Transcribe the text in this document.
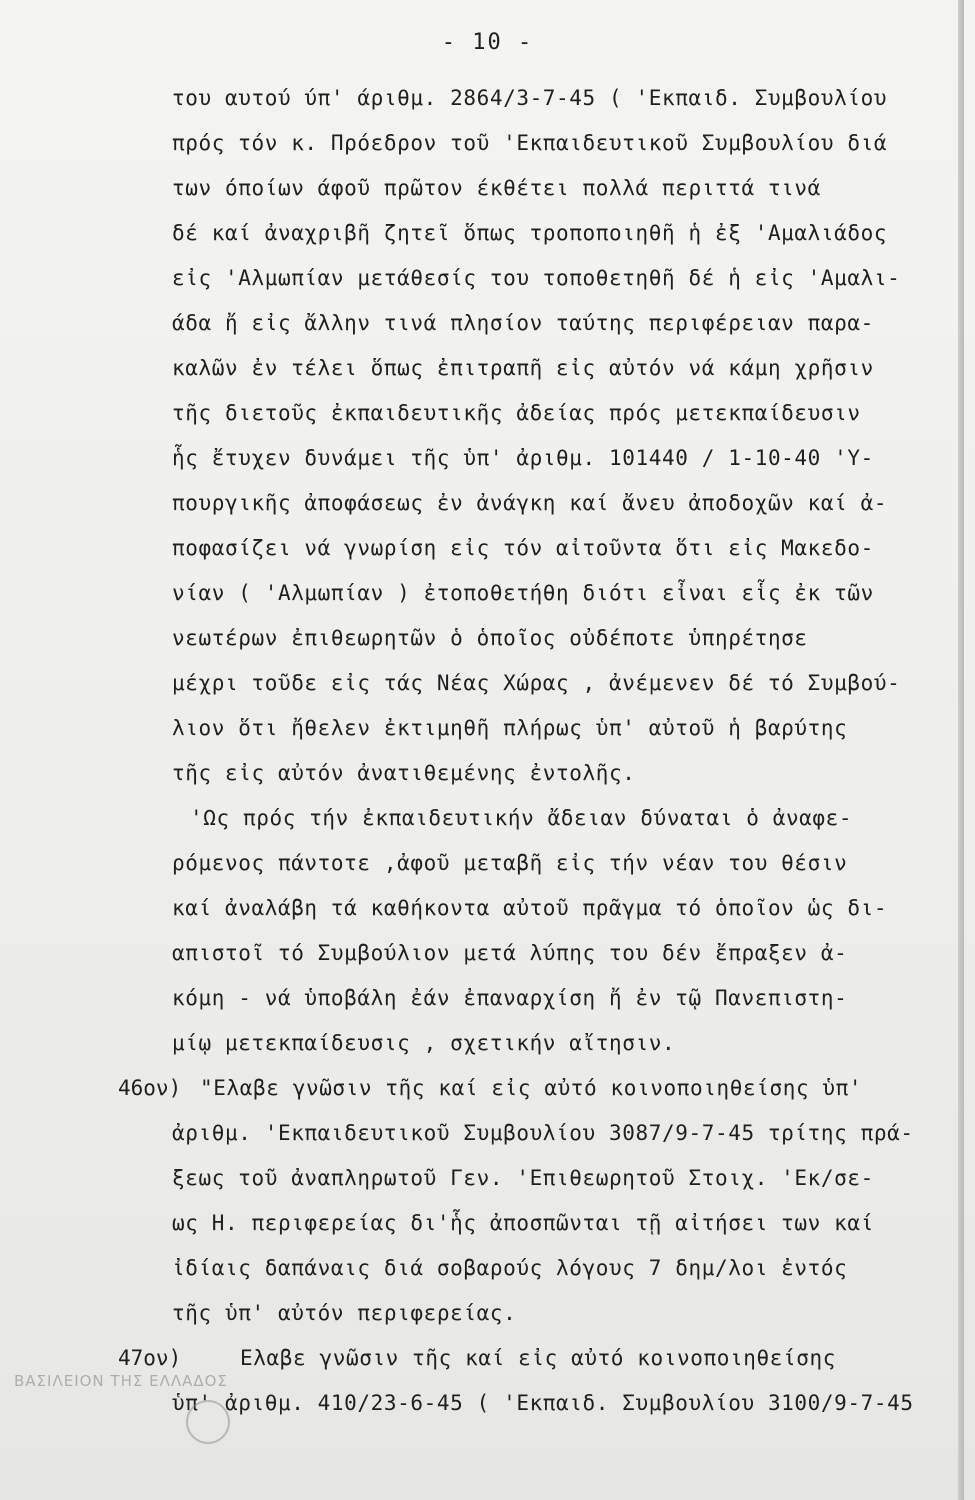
- 10 -
του αυτού ύπ' άριθμ. 2864/3-7-45 ( 'Εκπαιδ. Συμβουλίου
πρός τόν κ. Πρόεδρον τοῦ 'Εκπαιδευτικοῦ Συμβουλίου διά
των όποίων άφοῦ πρῶτον έκθέτει πολλά περιττά τινά
δέ καί ἀναχριβῆ ζητεῖ ὅπως τροποποιηθῆ ἡ ἐξ 'Αμαλιάδος
εἰς 'Αλμωπίαν μετάθεσίς του τοποθετηθῆ δέ ἡ εἰς 'Αμαλι-
άδα ἤ εἰς ἄλλην τινά πλησίον ταύτης περιφέρειαν παρα-
καλῶν ἐν τέλει ὅπως ἐπιτραπῆ εἰς αὐτόν νά κάμη χρῆσιν
τῆς διετοῦς ἐκπαιδευτικῆς ἀδείας πρός μετεκπαίδευσιν
ἧς ἔτυχεν δυνάμει τῆς ὑπ' ἀριθμ. 101440 / 1-10-40 'Υ-
πουργικῆς ἀποφάσεως ἐν ἀνάγκη καί ἄνευ ἀποδοχῶν καί ἀ-
ποφασίζει νά γνωρίση εἰς τόν αἰτοῦντα ὅτι εἰς Μακεδο-
νίαν ( 'Αλμωπίαν ) ἐτοποθετήθη διότι εἶναι εἷς ἐκ τῶν
νεωτέρων ἐπιθεωρητῶν ὁ ὁποῖος οὐδέποτε ὑπηρέτησε
μέχρι τοῦδε εἰς τάς Νέας Χώρας , ἀνέμενεν δέ τό Συμβού-
λιον ὅτι ἤθελεν ἐκτιμηθῆ πλήρως ὑπ' αὐτοῦ ἡ βαρύτης
τῆς εἰς αὐτόν ἀνατιθεμένης ἐντολῆς.
'Ως πρός τήν ἐκπαιδευτικήν ἄδειαν δύναται ὁ ἀναφε-
ρόμενος πάντοτε ,ἀφοῦ μεταβῆ εἰς τήν νέαν του θέσιν
καί ἀναλάβη τά καθήκοντα αὐτοῦ πρᾶγμα τό ὁποῖον ὡς δι-
απιστοῖ τό Συμβούλιον μετά λύπης του δέν ἔπραξεν ἀ-
κόμη - νά ὑποβάλη ἐάν ἐπαναρχίση ἤ ἐν τῷ Πανεπιστη-
μίῳ μετεκπαίδευσις , σχετικήν αἴτησιν.
46ον) "Ελαβε γνῶσιν τῆς καί εἰς αὐτό κοινοποιηθείσης ὑπ'
ἀριθμ. 'Εκπαιδευτικοῦ Συμβουλίου 3087/9-7-45 τρίτης πρά-
ξεως τοῦ ἀναπληρωτοῦ Γεν. 'Επιθεωρητοῦ Στοιχ. 'Εκ/σε-
ως Η. περιφερείας δι'ἧς ἀποσπῶνται τῇ αἰτήσει των καί
ἰδίαις δαπάναις διά σοβαρούς λόγους 7 δημ/λοι ἐντός
τῆς ὑπ' αὐτόν περιφερείας.
47ον)	Ελαβε γνῶσιν τῆς καί εἰς αὐτό κοινοποιηθείσης
ὑπ' ἀριθμ. 410/23-6-45 ( 'Εκπαιδ. Συμβουλίου 3100/9-7-45
ΒΑΣΙΛΕΙΟΝ ΤΗΣ ΕΛΛΑΔΟΣ
